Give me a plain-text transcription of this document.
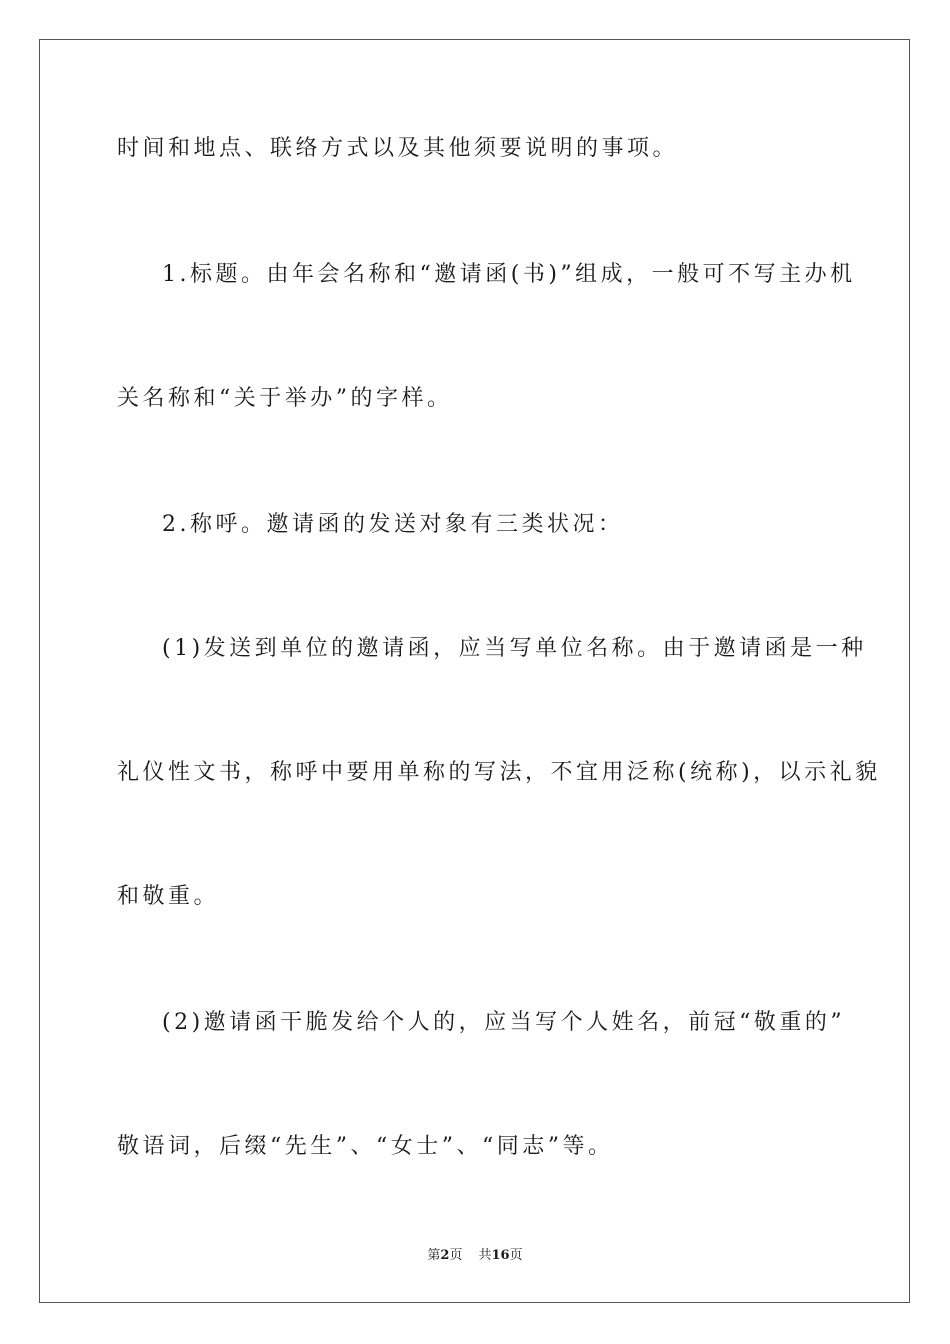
时间和地点、联络方式以及其他须要说明的事项。
1.标题。由年会名称和“邀请函(书)”组成，一般可不写主办机
关名称和“关于举办”的字样。
2.称呼。邀请函的发送对象有三类状况：
(1)发送到单位的邀请函，应当写单位名称。由于邀请函是一种
礼仪性文书，称呼中要用单称的写法，不宜用泛称(统称)，以示礼貌
和敬重。
(2)邀请函干脆发给个人的，应当写个人姓名，前冠“敬重的”
敬语词，后缀“先生”、“女士”、“同志”等。
第2页 共16页
